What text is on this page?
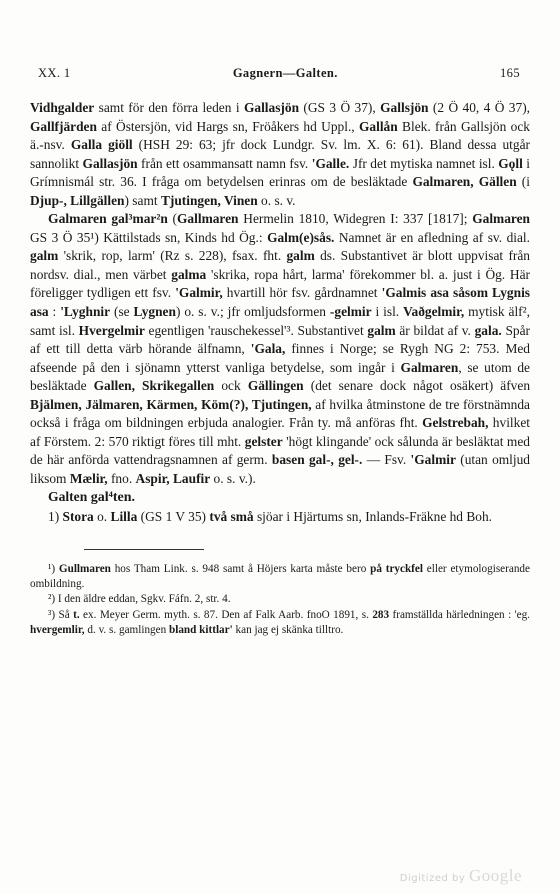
XX. 1	Gagnern—Galten.	165

Vidhgalder samt för den förra leden i Gallasjön (GS 3 Ö 37), Gallsjön (2 Ö 40, 4 Ö 37), Gallfjärden af Östersjön, vid Hargs sn, Fröåkers hd Uppl., Gallån Blek. från Gallsjön ock ä.-nsv. Galla giöll (HSH 29: 63; jfr dock Lundgr. Sv. lm. X. 6: 61). Bland dessa utgår sannolikt Gallasjön från ett osammansatt namn fsv. 'Galle. Jfr det mytiska namnet isl. Gǫll i Grímnismál str. 36. I fråga om betydelsen erinras om de besläktade Galmaren, Gällen (i Djup-, Lillgällen) samt Tjutingen, Vinen o. s. v.

Galmaren gal³mar²n (Gallmaren Hermelin 1810, Widegren I: 337 [1817]; Galmaren GS 3 Ö 35¹) Kättilstads sn, Kinds hd Ög.: Galm(e)sås. Namnet är en afledning af sv. dial. galm 'skrik, rop, larm' (Rz s. 228), fsax. fht. galm ds. Substantivet är blott uppvisat från nordsv. dial., men värbet galma 'skrika, ropa hårt, larma' förekommer bl. a. just i Ög. Här föreligger tydligen ett fsv. 'Galmir, hvartill hör fsv. gårdnamnet 'Galmis asa såsom Lygnis asa : 'Lyghnir (se Lygnen) o. s. v.; jfr omljudsformen -gelmir i isl. Vaðgelmir, mytisk älf², samt isl. Hvergelmir egentligen 'rauschekessel'³. Substantivet galm är bildat af v. gala. Spår af ett till detta värb hörande älfnamn, 'Gala, finnes i Norge; se Rygh NG 2: 753. Med afseende på den i sjönamn ytterst vanliga betydelse, som ingår i Galmaren, se utom de besläktade Gallen, Skrikegallen ock Gällingen (det senare dock något osäkert) äfven Bjälmen, Jälmaren, Kärmen, Köm(?), Tjutingen, af hvilka åtminstone de tre förstnämnda också i fråga om bildningen erbjuda analogier. Från ty. må anföras fht. Gelstrebah, hvilket af Förstem. 2: 570 riktigt föres till mht. gelster 'högt klingande' ock sålunda är besläktat med de här anförda vattendragsnamnen af germ. basen gal-, gel-. — Fsv. 'Galmir (utan omljud liksom Mælir, fno. Aspir, Laufir o. s. v.).

Galten gal⁴ten.

1) Stora o. Lilla (GS 1 V 35) två små sjöar i Hjärtums sn, Inlands-Fräkne hd Boh.

¹) Gullmaren hos Tham Link. s. 948 samt å Höjers karta måste bero på tryckfel eller etymologiserande ombildning.

²) I den äldre eddan, Sgkv. Fáfn. 2, str. 4.

³) Så t. ex. Meyer Germ. myth. s. 87. Den af Falk Aarb. fnoO 1891, s. 283 framställda härledningen : 'eg. hvergemlir, d. v. s. gamlingen bland kittlar' kan jag ej skänka tilltro.

Digitized by Google
